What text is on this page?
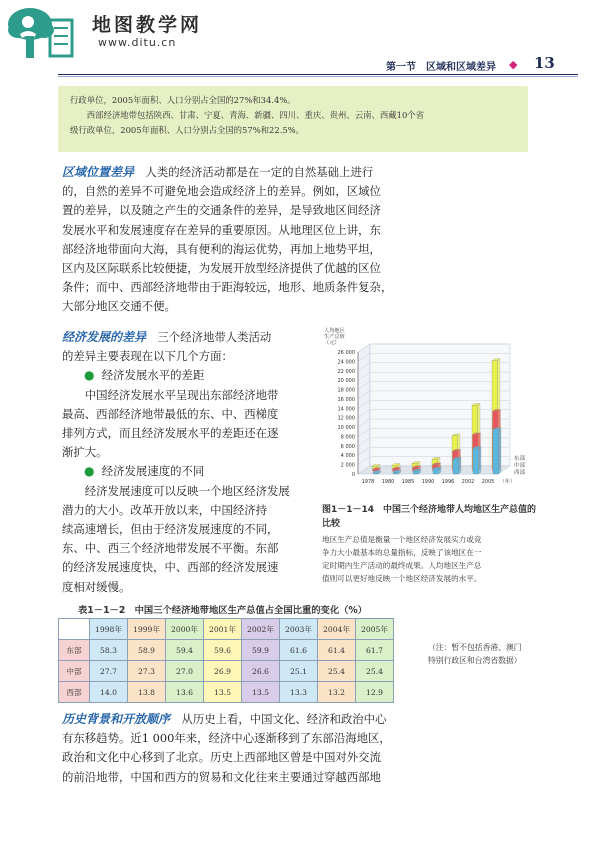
地图教学网
www.ditu.cn
第一节　区域和区域差异 ◆ 13

行政单位，2005年面积、人口分别占全国的27%和34.4%。

　　西部经济地带包括陕西、甘肃、宁夏、青海、新疆、四川、重庆、贵州、云南、西藏10个省

级行政单位，2005年面积、人口分别占全国的57%和22.5%。

区域位置差异　人类的经济活动都是在一定的自然基础上进行

的，自然的差异不可避免地会造成经济上的差异。例如，区域位

置的差异，以及随之产生的交通条件的差异，是导致地区间经济

发展水平和发展速度存在差异的重要原因。从地理区位上讲，东

部经济地带面向大海，具有便利的海运优势，再加上地势平坦，

区内及区际联系比较便捷，为发展开放型经济提供了优越的区位

条件；而中、西部经济地带由于距海较远，地形、地质条件复杂，

大部分地区交通不便。

经济发展的差异　三个经济地带人类活动

的差异主要表现在以下几个方面：

● 经济发展水平的差距

　　中国经济发展水平呈现出东部经济地带

最高、西部经济地带最低的东、中、西梯度

排列方式，而且经济发展水平的差距还在逐

渐扩大。

● 经济发展速度的不同

　　经济发展速度可以反映一个地区经济发展

潜力的大小。改革开放以来，中国经济持

续高速增长，但由于经济发展速度的不同，

东、中、西三个经济地带发展不平衡。东部

的经济发展速度快，中、西部的经济发展速

度相对缓慢。

0
2 000
4 000
6 000
8 000
10 000
12 000
14 000
16 000
18 000
20 000
22 000
24 000
26 000
人均地区
生产总值
（元）
1978 1980 1985 1990 1996 2002 2005 （年）
东部
中部
西部
图1－1－14　中国三个经济地带人均地区生产总值的比较
地区生产总值是衡量一个地区经济发展实力或竞
争力大小最基本的总量指标，反映了该地区在一
定时期内生产活动的最终成果。人均地区生产总
值则可以更好地反映一个地区经济发展的水平。
表1－1－2　中国三个经济地带地区生产总值占全国比重的变化（%）
	1998年	1999年	2000年	2001年	2002年	2003年	2004年	2005年
东部	58.3	58.9	59.4	59.6	59.9	61.6	61.4	61.7
中部	27.7	27.3	27.0	26.9	26.6	25.1	25.4	25.4
西部	14.0	13.8	13.6	13.5	13.5	13.3	13.2	12.9
（注：暂不包括香港、澳门
特别行政区和台湾省数据）

历史背景和开放顺序　从历史上看，中国文化、经济和政治中心

有东移趋势。近1 000年来，经济中心逐渐移到了东部沿海地区，

政治和文化中心移到了北京。历史上西部地区曾是中国对外交流

的前沿地带，中国和西方的贸易和文化往来主要通过穿越西部地
